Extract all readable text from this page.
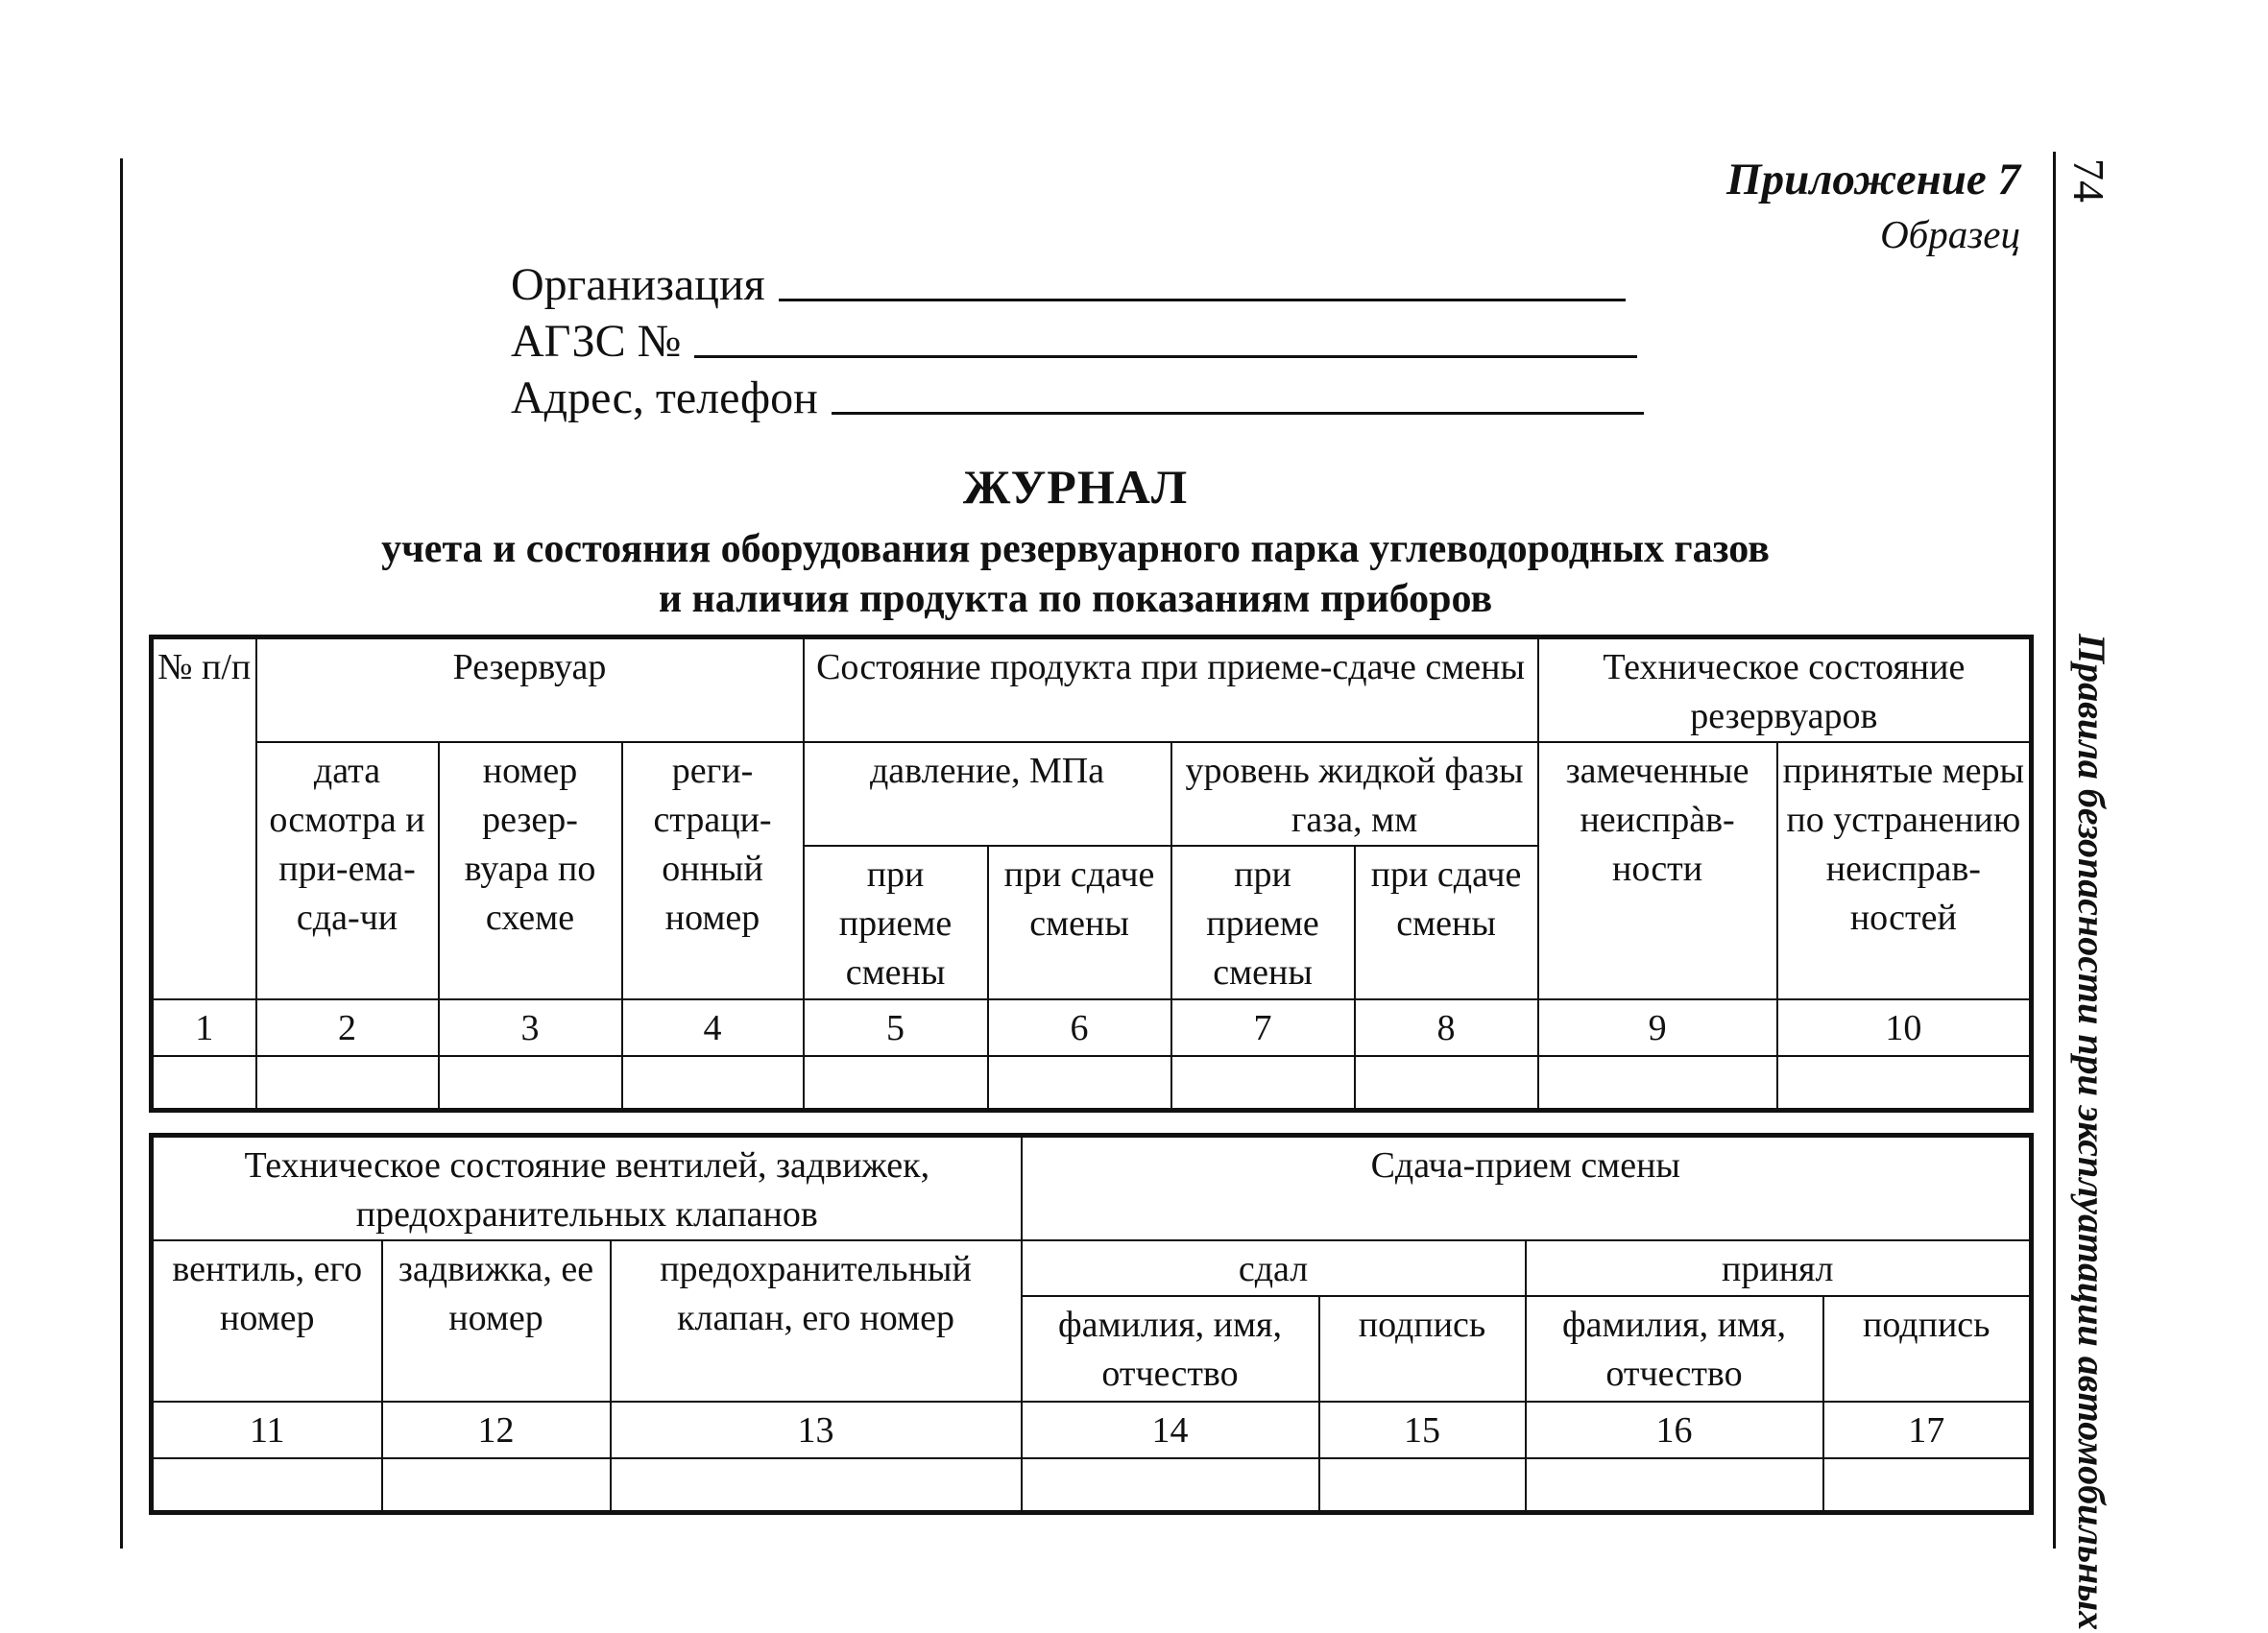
Приложение 7
Образец
74
Правила безопасности при эксплуатации автомобильных
Организация
АГЗС №
Адрес, телефон
ЖУРНАЛ
учета и состояния оборудования резервуарного парка углеводородных газов
и наличия продукта по показаниям приборов
№ п/п	Резервуар			Состояние продукта при приеме-сдаче смены				Техническое состояние резервуаров	
	дата осмотра и при-ема-сда-чи	номер резер-вуара по схеме	реги-страци-онный номер	давление, МПа		уровень жидкой фазы газа, мм		замеченные неиспрàв-ности	принятые меры по устранению неисправ-ностей
				при приеме смены	при сдаче смены	при приеме смены	при сдаче смены		
1	2	3	4	5	6	7	8	9	10

Техническое состояние вентилей, задвижек, предохранительных клапанов			Сдача-прием смены			
вентиль, его номер	задвижка, ее номер	предохранительный клапан, его номер	сдал		принял	
			фамилия, имя, отчество	подпись	фамилия, имя, отчество	подпись
11	12	13	14	15	16	17
